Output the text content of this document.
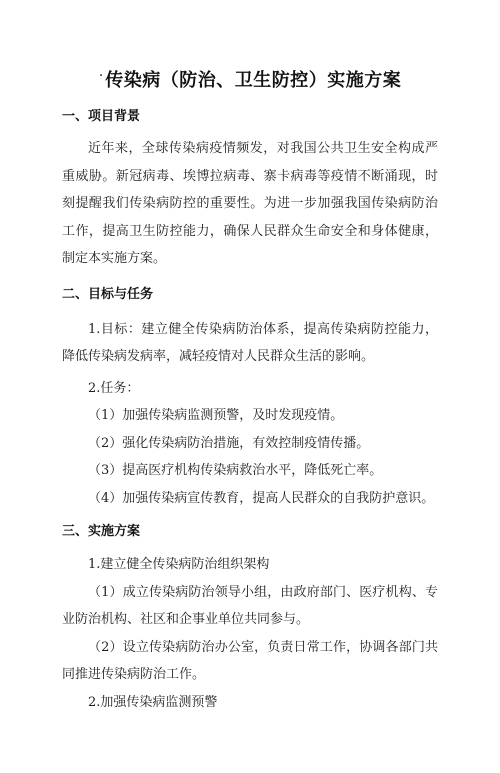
· 传染病（防治、卫生防控）实施方案

一、项目背景

近年来，全球传染病疫情频发，对我国公共卫生安全构成严重威胁。新冠病毒、埃博拉病毒、寨卡病毒等疫情不断涌现，时刻提醒我们传染病防控的重要性。为进一步加强我国传染病防治工作，提高卫生防控能力，确保人民群众生命安全和身体健康，制定本实施方案。

二、目标与任务

1.目标：建立健全传染病防治体系，提高传染病防控能力，降低传染病发病率，减轻疫情对人民群众生活的影响。

2.任务：

（1）加强传染病监测预警，及时发现疫情。

（2）强化传染病防治措施，有效控制疫情传播。

（3）提高医疗机构传染病救治水平，降低死亡率。

（4）加强传染病宣传教育，提高人民群众的自我防护意识。

三、实施方案

1.建立健全传染病防治组织架构

（1）成立传染病防治领导小组，由政府部门、医疗机构、专业防治机构、社区和企事业单位共同参与。

（2）设立传染病防治办公室，负责日常工作，协调各部门共同推进传染病防治工作。

2.加强传染病监测预警
